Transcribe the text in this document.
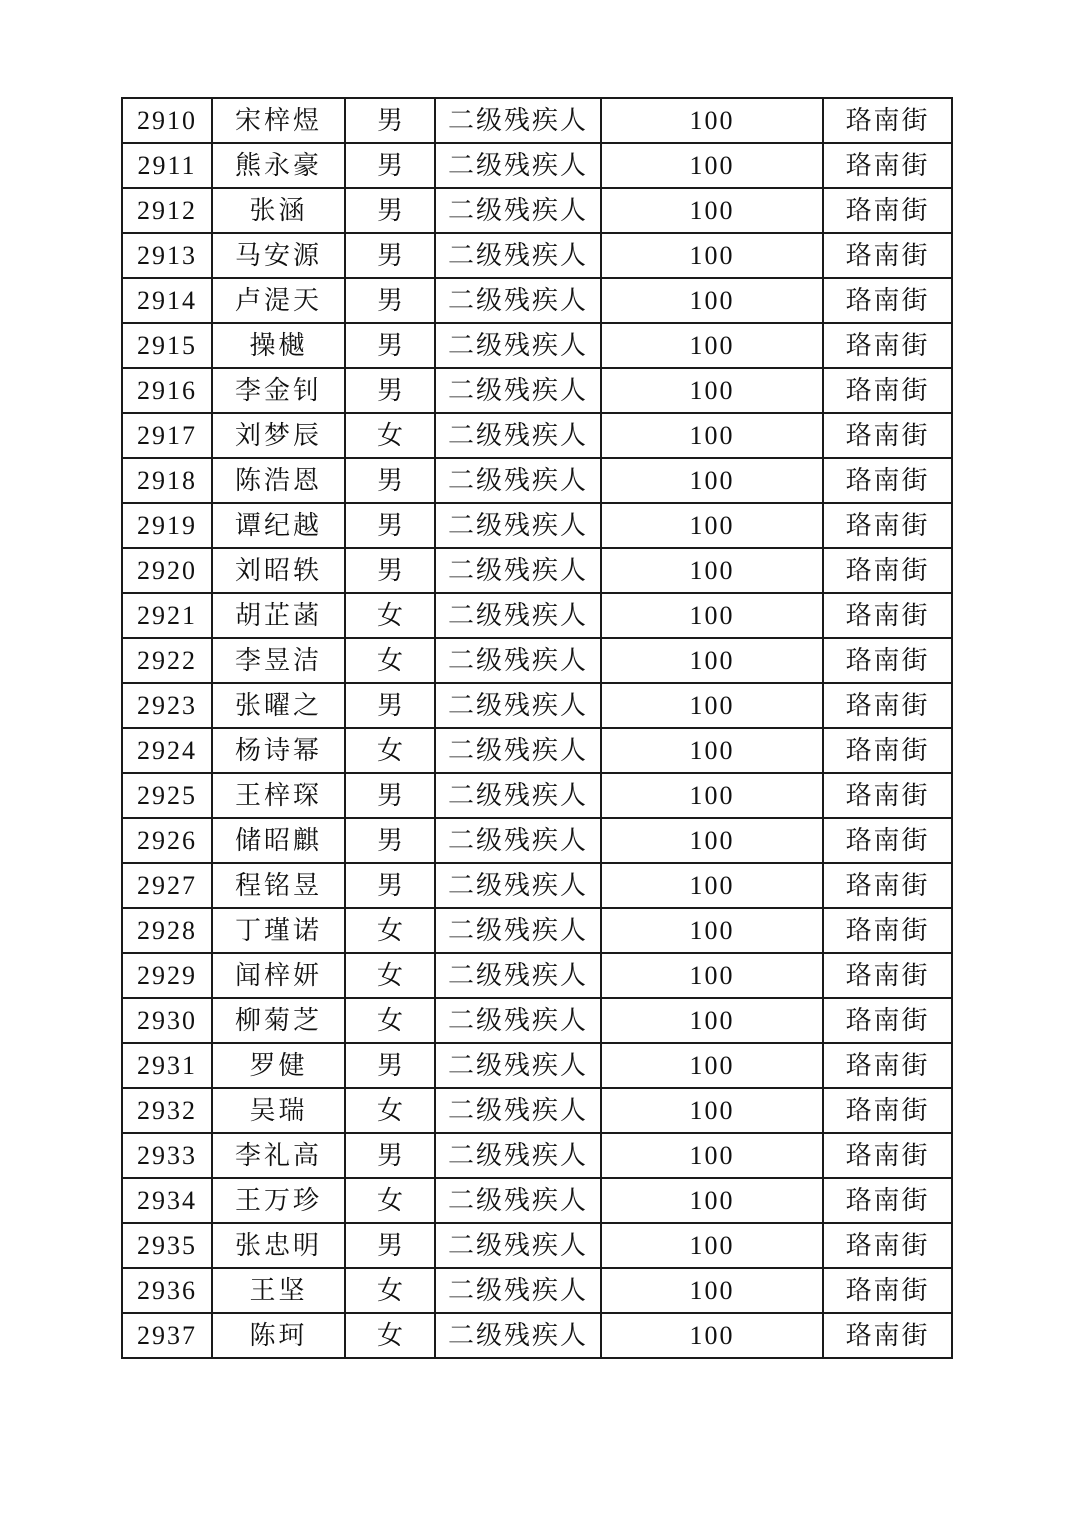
2910	宋梓煜	男	二级残疾人	100	珞南街
2911	熊永豪	男	二级残疾人	100	珞南街
2912	张涵	男	二级残疾人	100	珞南街
2913	马安源	男	二级残疾人	100	珞南街
2914	卢湜天	男	二级残疾人	100	珞南街
2915	操樾	男	二级残疾人	100	珞南街
2916	李金钊	男	二级残疾人	100	珞南街
2917	刘梦辰	女	二级残疾人	100	珞南街
2918	陈浩恩	男	二级残疾人	100	珞南街
2919	谭纪越	男	二级残疾人	100	珞南街
2920	刘昭轶	男	二级残疾人	100	珞南街
2921	胡芷菡	女	二级残疾人	100	珞南街
2922	李昱洁	女	二级残疾人	100	珞南街
2923	张曜之	男	二级残疾人	100	珞南街
2924	杨诗幂	女	二级残疾人	100	珞南街
2925	王梓琛	男	二级残疾人	100	珞南街
2926	储昭麒	男	二级残疾人	100	珞南街
2927	程铭昱	男	二级残疾人	100	珞南街
2928	丁瑾诺	女	二级残疾人	100	珞南街
2929	闻梓妍	女	二级残疾人	100	珞南街
2930	柳菊芝	女	二级残疾人	100	珞南街
2931	罗健	男	二级残疾人	100	珞南街
2932	吴瑞	女	二级残疾人	100	珞南街
2933	李礼高	男	二级残疾人	100	珞南街
2934	王万珍	女	二级残疾人	100	珞南街
2935	张忠明	男	二级残疾人	100	珞南街
2936	王坚	女	二级残疾人	100	珞南街
2937	陈珂	女	二级残疾人	100	珞南街
